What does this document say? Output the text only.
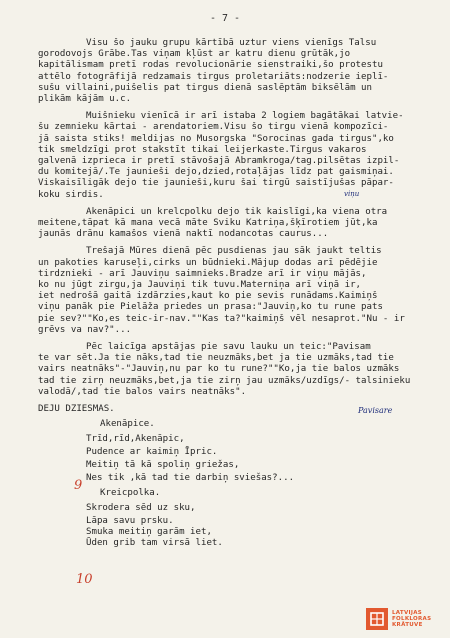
- 7 -
Visu šo jauku grupu kārtībā uztur viens vienīgs Talsu
gorodovojs Grābe.Tas viņam kļūst ar katru dienu grūtāk,jo
kapitālismam pretī rodas revolucionārie sienstraiki,šo protestu
attēlo fotogrāfijā redzamais tirgus proletariāts:nodzerie ieplī-
sušu villaini,puišelis pat tirgus dienā saslēptām biksēlām un
plikām kājām u.c.
Muišnieku vienīcā ir arī istaba 2 logiem bagātākai latvie-
šu zemnieku kārtai - arendatoriem.Visu šo tirgu vienā kompozīci-
jā saista stiks! meldijas no Musorgska "Sorocinas gada tirgus",ko
tik smeldzīgi prot stakstīt tikai leijerkaste.Tirgus vakaros
galvenā izprieca ir pretī stāvošajā Abramkroga/tag.pilsētas izpil-
du komitejā/.Te jaunieši dejo,dzied,rotaļājas līdz pat gaismiņai.
Viskaisīligāk dejo tie jaunieši,kuru šai tirgū saistījušas pāpar-
koku sirdis.
Akenāpici un krelcpolku dejo tik kaislīgi,ka viena otra
meitene,tāpat kā mana vecā māte Sviku Katriņa,šķīrotiem jūt,ka
jaunās drānu kamašos vienā naktī nodancotas caurus...
Trešajā Mūres dienā pēc pusdienas jau sāk jaukt teltis
un pakoties karuseļi,cirks un būdnieki.Mājup dodas arī pēdējie
tirdznieki - arī Jauviņu saimnieks.Bradze arī ir viņu mājās,
ko nu jūgt zirgu,ja Jauviņi tik tuvu.Materniņa arī viņā ir,
iet nedrošā gaitā izdārzies,kaut ko pie sevis runādams.Kaimiņš
viņu panāk pie Pielāža priedes un prasa:"Jauviņ,ko tu rune pats
pie sev?""Ko,es teic-ir-nav.""Kas ta?"kaimiņš vēl nesaprot."Nu - ir
grēvs va nav?"...
Pēc laicīga apstājas pie savu lauku un teic:"Pavisam
te var sēt.Ja tie nāks,tad tie neuzmāks,bet ja tie uzmāks,tad tie
vairs neatnāks"-"Jauviņ,nu par ko tu rune?""Ko,ja tie balos uzmāks
tad tie zirņ neuzmāks,bet,ja tie zirņ jau uzmāks/uzdīgs/- talsinieku
valodā/,tad tie balos vairs neatnāks".
DEJU DZIESMAS.
Akenāpice.
Trīd,rīd,Akenāpic,
Pudence ar kaimiņ Īpric.
Meitiņ tā kā spoliņ griežas,
Nes tik ,kā tad tie darbiņ sviešas?...
Kreicpolka.
Skrodera sēd uz sku,
Lāpa savu prsku.
Smuka meitiņ garām iet,
Ūden grib tam virsā liet.
9
10
Pavisare
viņu
LATVIJAS
FOLKLORAS
KRĀTUVE
